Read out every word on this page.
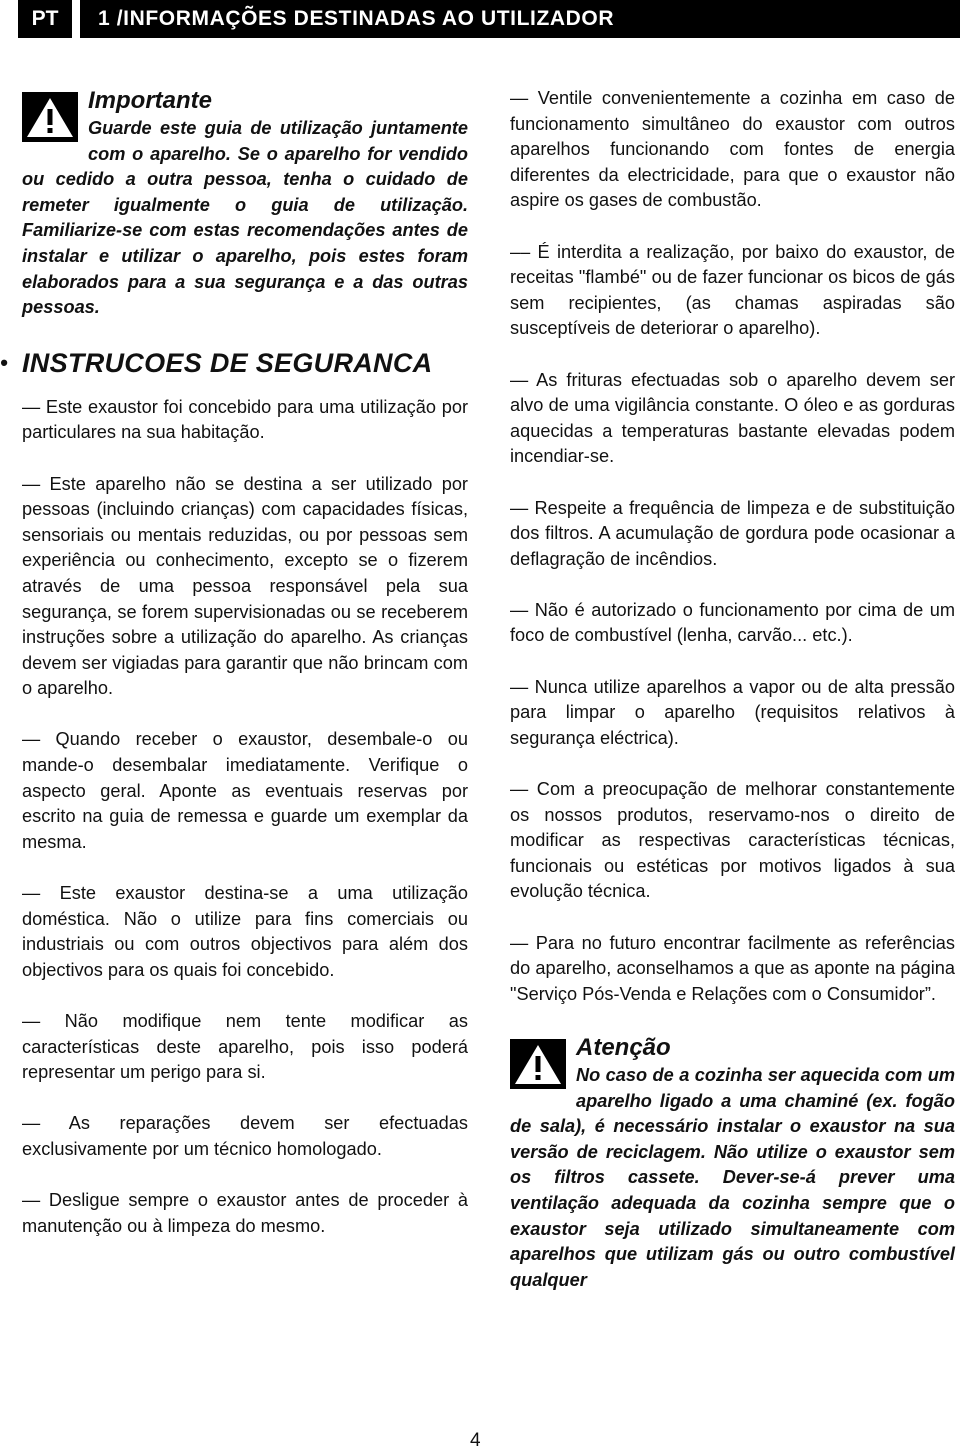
PT	1 /INFORMAÇÕES DESTINADAS AO UTILIZADOR
Importante
Guarde este guia de utilização juntamente com o aparelho. Se o aparelho for vendido ou cedido a outra pessoa, tenha o cuidado de remeter igualmente o guia de utilização. Familiarize-se com estas recomendações antes de instalar e utilizar o aparelho, pois estes foram elaborados para a sua segurança e a das outras pessoas.
• INSTRUCOES DE SEGURANCA

— Este exaustor foi concebido para uma utilização por particulares na sua habitação.

— Este aparelho não se destina a ser utilizado por pessoas (incluindo crianças) com capacidades físicas, sensoriais ou mentais reduzidas, ou por pessoas sem experiência ou conhecimento, excepto se o fizerem através de uma pessoa responsável pela sua segurança, se forem supervisionadas ou se receberem instruções sobre a utilização do aparelho. As crianças devem ser vigiadas para garantir que não brincam com o aparelho.

— Quando receber o exaustor, desembale-o ou mande-o desembalar imediatamente. Verifique o aspecto geral. Aponte as eventuais reservas por escrito na guia de remessa e guarde um exemplar da mesma.

— Este exaustor destina-se a uma utilização doméstica. Não o utilize para fins comerciais ou industriais ou com outros objectivos para além dos objectivos para os quais foi concebido.

— Não modifique nem tente modificar as características deste aparelho, pois isso poderá representar um perigo para si.

— As reparações devem ser efectuadas exclusivamente por um técnico homologado.

— Desligue sempre o exaustor antes de proceder à manutenção ou à limpeza do mesmo.

— Ventile convenientemente a cozinha em caso de funcionamento simultâneo do exaustor com outros aparelhos funcionando com fontes de energia diferentes da electricidade, para que o exaustor não aspire os gases de combustão.

–– É interdita a realização, por baixo do exaustor, de receitas "flambé" ou de fazer funcionar os bicos de gás sem recipientes, (as chamas aspiradas são susceptíveis de deteriorar o aparelho).

— As frituras efectuadas sob o aparelho devem ser alvo de uma vigilância constante. O óleo e as gorduras aquecidas a temperaturas bastante elevadas podem incendiar-se.

— Respeite a frequência de limpeza e de substituição dos filtros. A acumulação de gordura pode ocasionar a deflagração de incêndios.

— Não é autorizado o funcionamento por cima de um foco de combustível (lenha, carvão... etc.).

— Nunca utilize aparelhos a vapor ou de alta pressão para limpar o aparelho (requisitos relativos à segurança eléctrica).

— Com a preocupação de melhorar constantemente os nossos produtos, reservamo-nos o direito de modificar as respectivas características técnicas, funcionais ou estéticas por motivos ligados à sua evolução técnica.

— Para no futuro encontrar facilmente as referências do aparelho, aconselhamos a que as aponte na página "Serviço Pós-Venda e Relações com o Consumidor”.

Atenção
No caso de a cozinha ser aquecida com um aparelho ligado a uma chaminé (ex. fogão de sala), é necessário instalar o exaustor na sua versão de reciclagem. Não utilize o exaustor sem os filtros cassete. Dever-se-á prever uma ventilação adequada da cozinha sempre que o exaustor seja utilizado simultaneamente com aparelhos que utilizam gás ou outro combustível qualquer
4
